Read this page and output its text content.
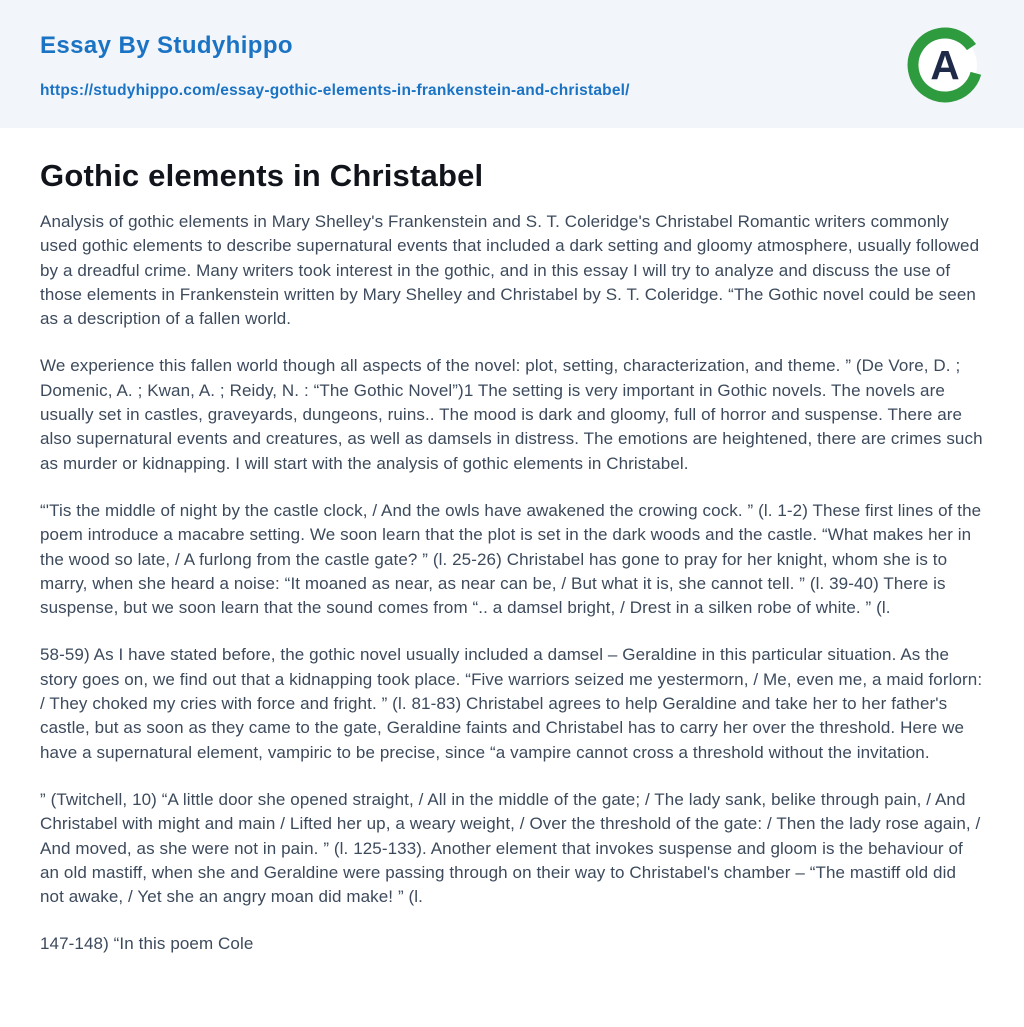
Essay By Studyhippo
https://studyhippo.com/essay-gothic-elements-in-frankenstein-and-christabel/
A
Gothic elements in Christabel

Analysis of gothic elements in Mary Shelley's Frankenstein and S. T. Coleridge's Christabel Romantic writers commonly used gothic elements to describe supernatural events that included a dark setting and gloomy atmosphere, usually followed by a dreadful crime. Many writers took interest in the gothic, and in this essay I will try to analyze and discuss the use of those elements in Frankenstein written by Mary Shelley and Christabel by S. T. Coleridge. “The Gothic novel could be seen as a description of a fallen world.

We experience this fallen world though all aspects of the novel: plot, setting, characterization, and theme. ” (De Vore, D. ; Domenic, A. ; Kwan, A. ; Reidy, N. : “The Gothic Novel”)1 The setting is very important in Gothic novels. The novels are usually set in castles, graveyards, dungeons, ruins.. The mood is dark and gloomy, full of horror and suspense. There are also supernatural events and creatures, as well as damsels in distress. The emotions are heightened, there are crimes such as murder or kidnapping. I will start with the analysis of gothic elements in Christabel.

“'Tis the middle of night by the castle clock, / And the owls have awakened the crowing cock. ” (l. 1-2) These first lines of the poem introduce a macabre setting. We soon learn that the plot is set in the dark woods and the castle. “What makes her in the wood so late, / A furlong from the castle gate? ” (l. 25-26) Christabel has gone to pray for her knight, whom she is to marry, when she heard a noise: “It moaned as near, as near can be, / But what it is, she cannot tell. ” (l. 39-40) There is suspense, but we soon learn that the sound comes from “.. a damsel bright, / Drest in a silken robe of white. ” (l.

58-59) As I have stated before, the gothic novel usually included a damsel – Geraldine in this particular situation. As the story goes on, we find out that a kidnapping took place. “Five warriors seized me yestermorn, / Me, even me, a maid forlorn: / They choked my cries with force and fright. ” (l. 81-83) Christabel agrees to help Geraldine and take her to her father's castle, but as soon as they came to the gate, Geraldine faints and Christabel has to carry her over the threshold. Here we have a supernatural element, vampiric to be precise, since “a vampire cannot cross a threshold without the invitation.

” (Twitchell, 10) “A little door she opened straight, / All in the middle of the gate; / The lady sank, belike through pain, / And Christabel with might and main / Lifted her up, a weary weight, / Over the threshold of the gate: / Then the lady rose again, / And moved, as she were not in pain. ” (l. 125-133). Another element that invokes suspense and gloom is the behaviour of an old mastiff, when she and Geraldine were passing through on their way to Christabel's chamber – “The mastiff old did not awake, / Yet she an angry moan did make! ” (l.

147-148) “In this poem Cole
